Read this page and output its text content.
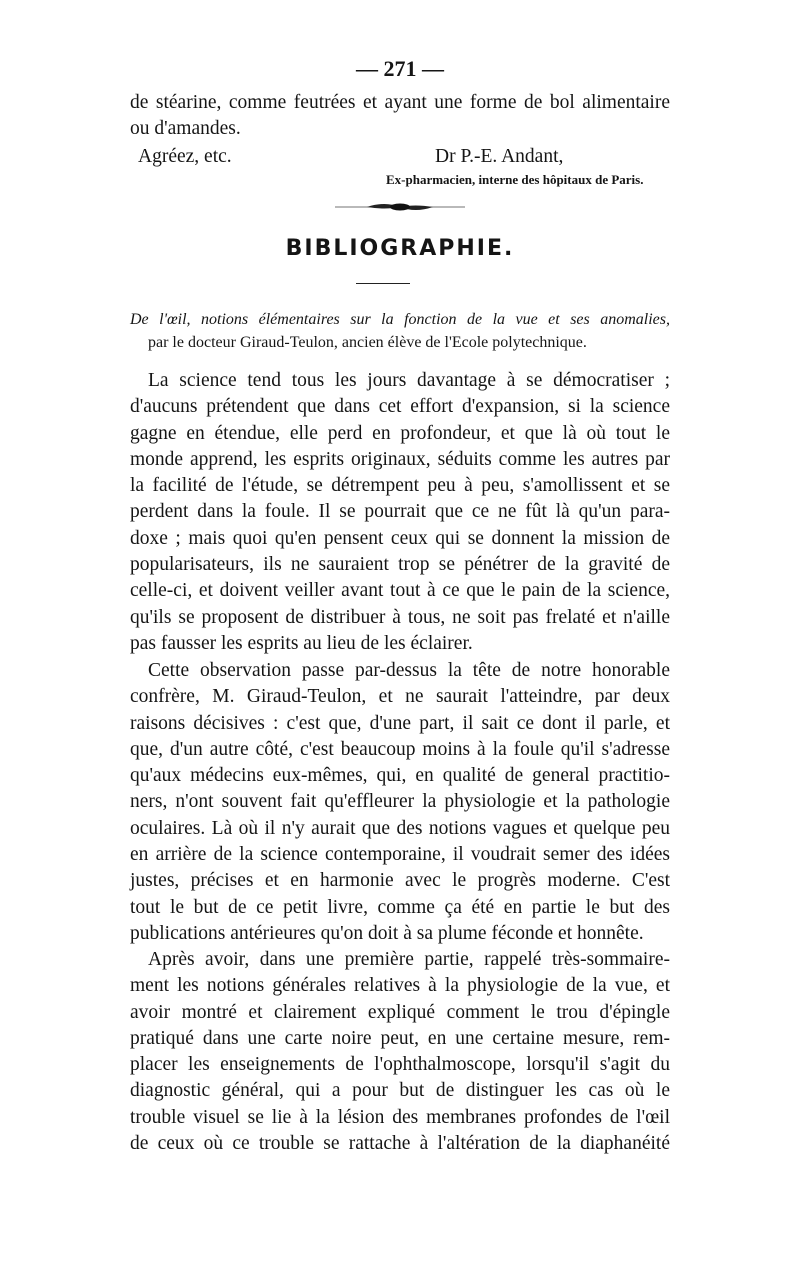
— 271 —
de stéarine, comme feutrées et ayant une forme de bol alimentaire
ou d'amandes.
Agréez, etc.	Dr P.-E. Andant,
Ex-pharmacien, interne des hôpitaux de Paris.
BIBLIOGRAPHIE.
De l'œil, notions élémentaires sur la fonction de la vue et ses anomalies,
par le docteur Giraud-Teulon, ancien élève de l'Ecole polytechnique.
La science tend tous les jours davantage à se démocratiser ;
d'aucuns prétendent que dans cet effort d'expansion, si la science
gagne en étendue, elle perd en profondeur, et que là où tout le
monde apprend, les esprits originaux, séduits comme les autres par
la facilité de l'étude, se détrempent peu à peu, s'amollissent et se
perdent dans la foule. Il se pourrait que ce ne fût là qu'un para-
doxe ; mais quoi qu'en pensent ceux qui se donnent la mission de
popularisateurs, ils ne sauraient trop se pénétrer de la gravité de
celle-ci, et doivent veiller avant tout à ce que le pain de la science,
qu'ils se proposent de distribuer à tous, ne soit pas frelaté et n'aille
pas fausser les esprits au lieu de les éclairer.
Cette observation passe par-dessus la tête de notre honorable
confrère, M. Giraud-Teulon, et ne saurait l'atteindre, par deux
raisons décisives : c'est que, d'une part, il sait ce dont il parle, et
que, d'un autre côté, c'est beaucoup moins à la foule qu'il s'adresse
qu'aux médecins eux-mêmes, qui, en qualité de general practitio-
ners, n'ont souvent fait qu'effleurer la physiologie et la pathologie
oculaires. Là où il n'y aurait que des notions vagues et quelque peu
en arrière de la science contemporaine, il voudrait semer des idées
justes, précises et en harmonie avec le progrès moderne. C'est
tout le but de ce petit livre, comme ça été en partie le but des
publications antérieures qu'on doit à sa plume féconde et honnête.
Après avoir, dans une première partie, rappelé très-sommaire-
ment les notions générales relatives à la physiologie de la vue, et
avoir montré et clairement expliqué comment le trou d'épingle
pratiqué dans une carte noire peut, en une certaine mesure, rem-
placer les enseignements de l'ophthalmoscope, lorsqu'il s'agit du
diagnostic général, qui a pour but de distinguer les cas où le
trouble visuel se lie à la lésion des membranes profondes de l'œil
de ceux où ce trouble se rattache à l'altération de la diaphanéité
